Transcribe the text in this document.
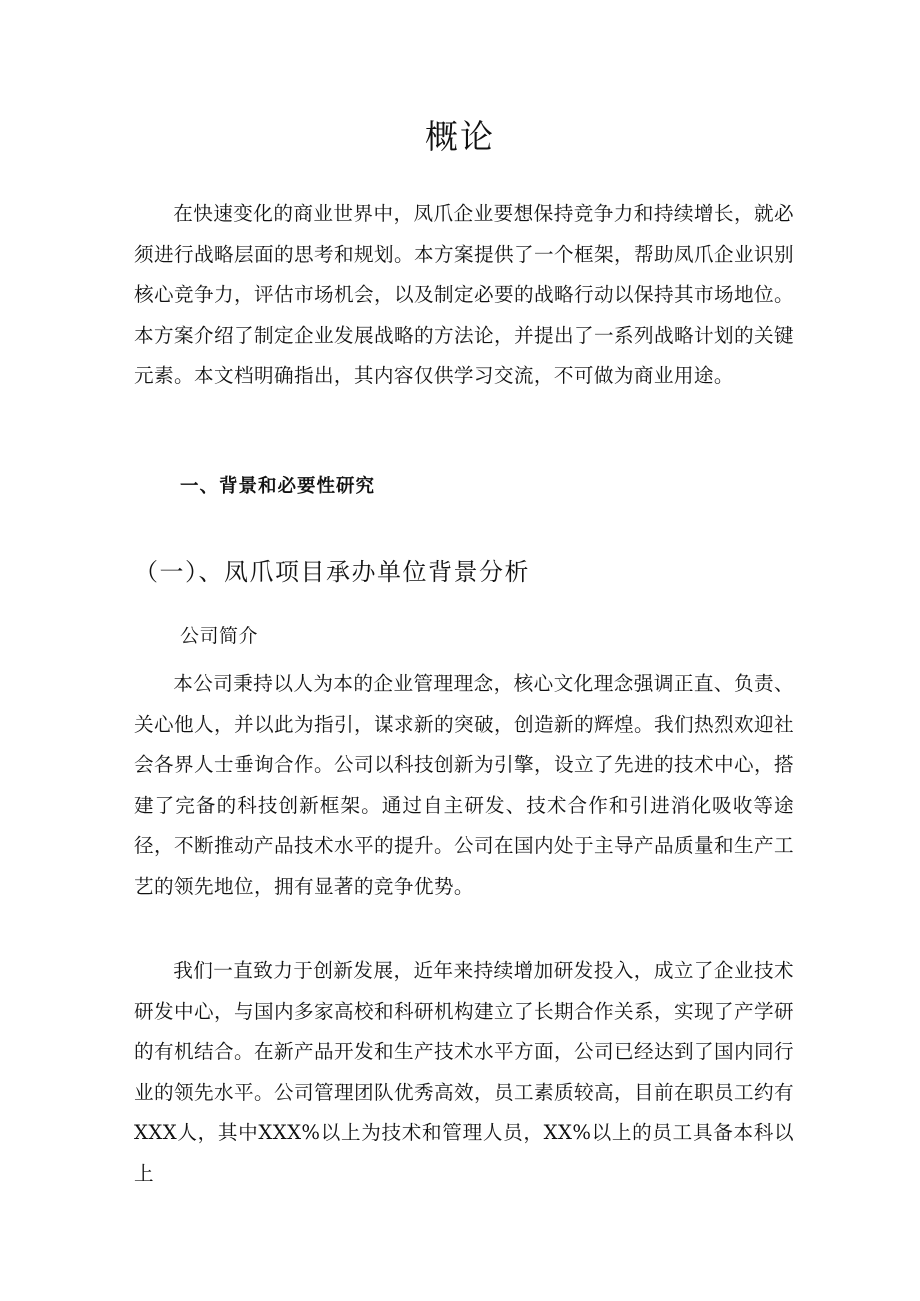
概论

在快速变化的商业世界中，凤爪企业要想保持竞争力和持续增长，就必须进行战略层面的思考和规划。本方案提供了一个框架，帮助凤爪企业识别核心竞争力，评估市场机会，以及制定必要的战略行动以保持其市场地位。本方案介绍了制定企业发展战略的方法论，并提出了一系列战略计划的关键元素。本文档明确指出，其内容仅供学习交流，不可做为商业用途。

一、背景和必要性研究
（一）、凤爪项目承办单位背景分析
公司简介

本公司秉持以人为本的企业管理理念，核心文化理念强调正直、负责、关心他人，并以此为指引，谋求新的突破，创造新的辉煌。我们热烈欢迎社会各界人士垂询合作。公司以科技创新为引擎，设立了先进的技术中心，搭建了完备的科技创新框架。通过自主研发、技术合作和引进消化吸收等途径，不断推动产品技术水平的提升。公司在国内处于主导产品质量和生产工艺的领先地位，拥有显著的竞争优势。

我们一直致力于创新发展，近年来持续增加研发投入，成立了企业技术研发中心，与国内多家高校和科研机构建立了长期合作关系，实现了产学研的有机结合。在新产品开发和生产技术水平方面，公司已经达到了国内同行业的领先水平。公司管理团队优秀高效，员工素质较高，目前在职员工约有XXX人，其中XXX%以上为技术和管理人员，XX%以上的员工具备本科以上
